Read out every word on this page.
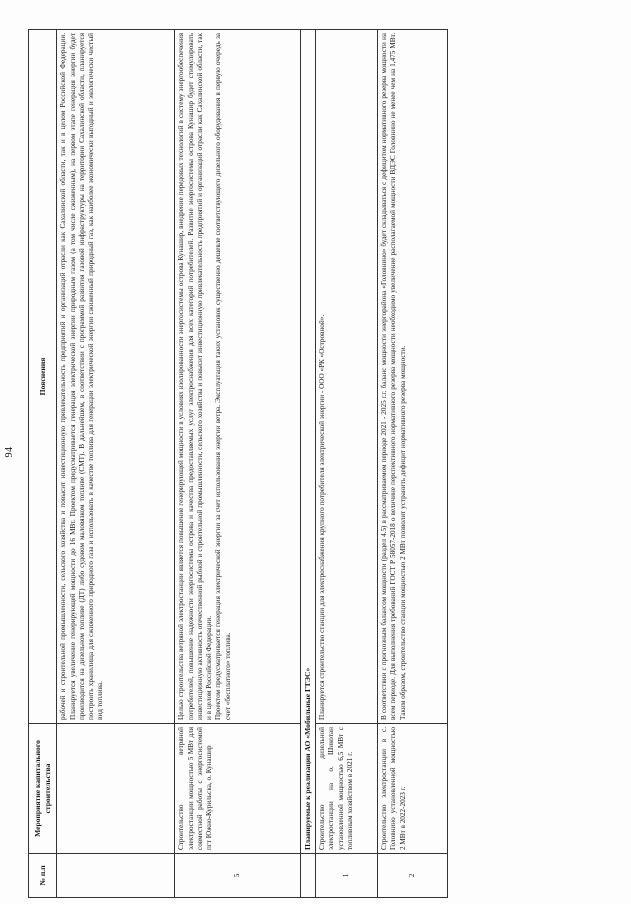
94
№ п.п	Мероприятие капитального строительства	Пояснения
		рабочей и строительной промышленности, сельского хозяйства и повысит инвестиционную привлекательность предприятий и организаций отрасли как Сахалинской области, так и в целом Российской Федерации. Планируется увеличение генерирующей мощности до 16 МВт. Проектом предусматривается генерация электрической энергии природным газом (а том числе сжиженным), на первом этапе генерация энергии будет производится на дизельном топливе (ДТ) либо судовом маловязком топливе (СМТ). В дальнейшем, в соответствии с программой развития газовой инфраструктуры на территории Сахалинской области, планируется построить хранилища для сжиженного природного газа и использовать в качестве топлива для генерации электрической энергии сжиженный природный газ, как наиболее экономически выгодный и экологически чистый вид топлива.
5	Строительство ветряной электростанции мощностью 5 МВт для совместной работы с энергосистемой пгт Южно-Курильска, о. Кунашир	Целью строительства ветряной электростанции является повышение генерирующей мощности в условиях изолированности энергосистемы острова Кунашир, внедрение передовых технологий в систему энергообеспечения потребителей, повышение надежности энергосистемы острова и качества предоставляемых услуг электроснабжения для всех категорий потребителей. Развитие энергосистемы острова Кунашир будет стимулировать инвестиционную активность отечественной рыбной и строительной промышленности, сельского хозяйства и повысит инвестиционную привлекательность предприятий и организаций отрасли как Сахалинской области, так и в целом Российской Федерации. Проектом предусматривается генерация электрической энергии за счет использования энергии ветра. Эксплуатация таких установок существенно дешевле соответствующего дизельного оборудования в первую очередь за счет «бесплатного» топлива.

	Планируемые к реализации АО «Мобильные ГТЭС»	
1	Строительство дизельной электростанции на о. Шикотан установленной мощностью 6,5 МВт с топливным хозяйством в 2021 г.	Планируется строительство станции для электроснабжения крупного потребителя электрической энергии - ООО «РК «Островной».
2	Строительство электростанции в с. Головнино установленной мощностью 2 МВт в 2022-2023 г.	В соответствии с прогнозным балансом мощности (раздел 4.5) в рассматриваемом периоде 2021 - 2025 г.г. баланс мощности энергорайона «Головнино» будет складываться с дефицитом нормативного резерва мощности на всем периоде. Для выполнения требований ГОСТ Р 58057-2018 о величине перспективного нормативного резерва мощности необходимо увеличение располагаемой мощности ВДЭС Головнино не менее чем на 1,475 МВт. Таким образом, строительство станции мощностью 2 МВт позволит устранить дефицит нормативного резерва мощности.
